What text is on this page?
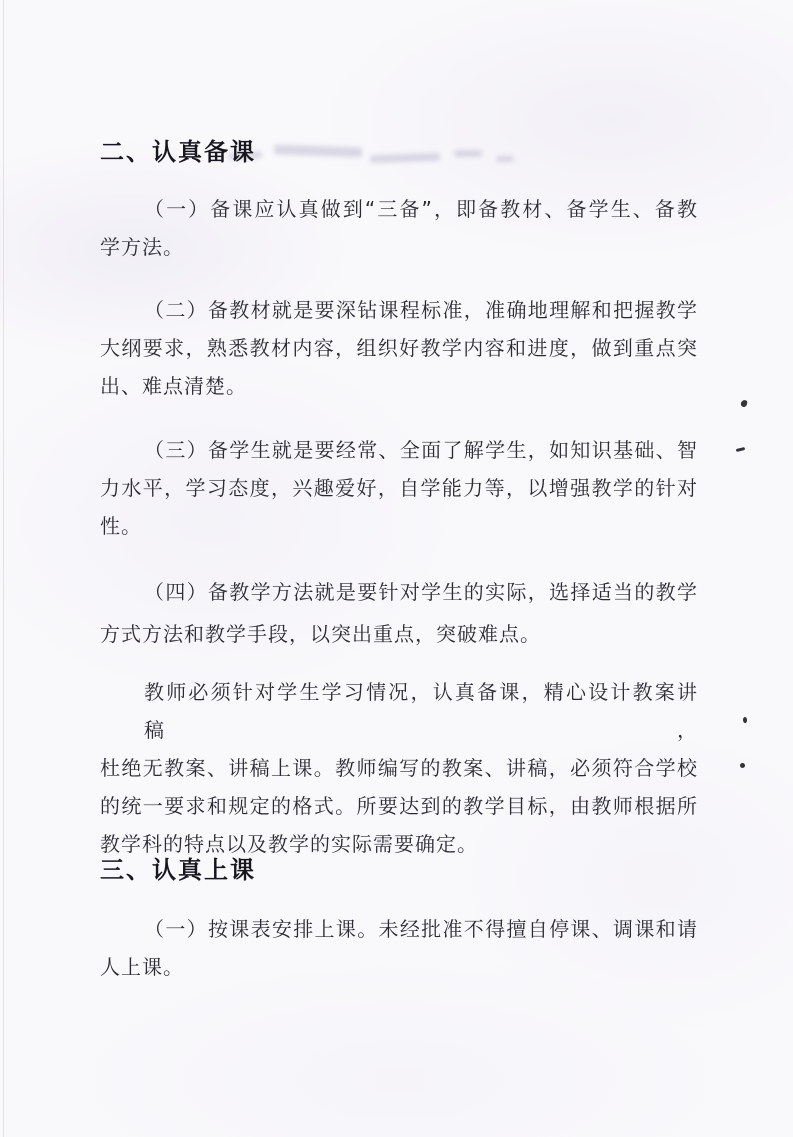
二、认真备课
（一）备课应认真做到“三备”，即备教材、备学生、备教
学方法。
（二）备教材就是要深钻课程标准，准确地理解和把握教学
大纲要求，熟悉教材内容，组织好教学内容和进度，做到重点突
出、难点清楚。
（三）备学生就是要经常、全面了解学生，如知识基础、智
力水平，学习态度，兴趣爱好，自学能力等，以增强教学的针对
性。
（四）备教学方法就是要针对学生的实际，选择适当的教学
方式方法和教学手段，以突出重点，突破难点。
教师必须针对学生学习情况，认真备课，精心设计教案讲稿，
杜绝无教案、讲稿上课。教师编写的教案、讲稿，必须符合学校
的统一要求和规定的格式。所要达到的教学目标，由教师根据所
教学科的特点以及教学的实际需要确定。
三、认真上课
（一）按课表安排上课。未经批准不得擅自停课、调课和请
人上课。
